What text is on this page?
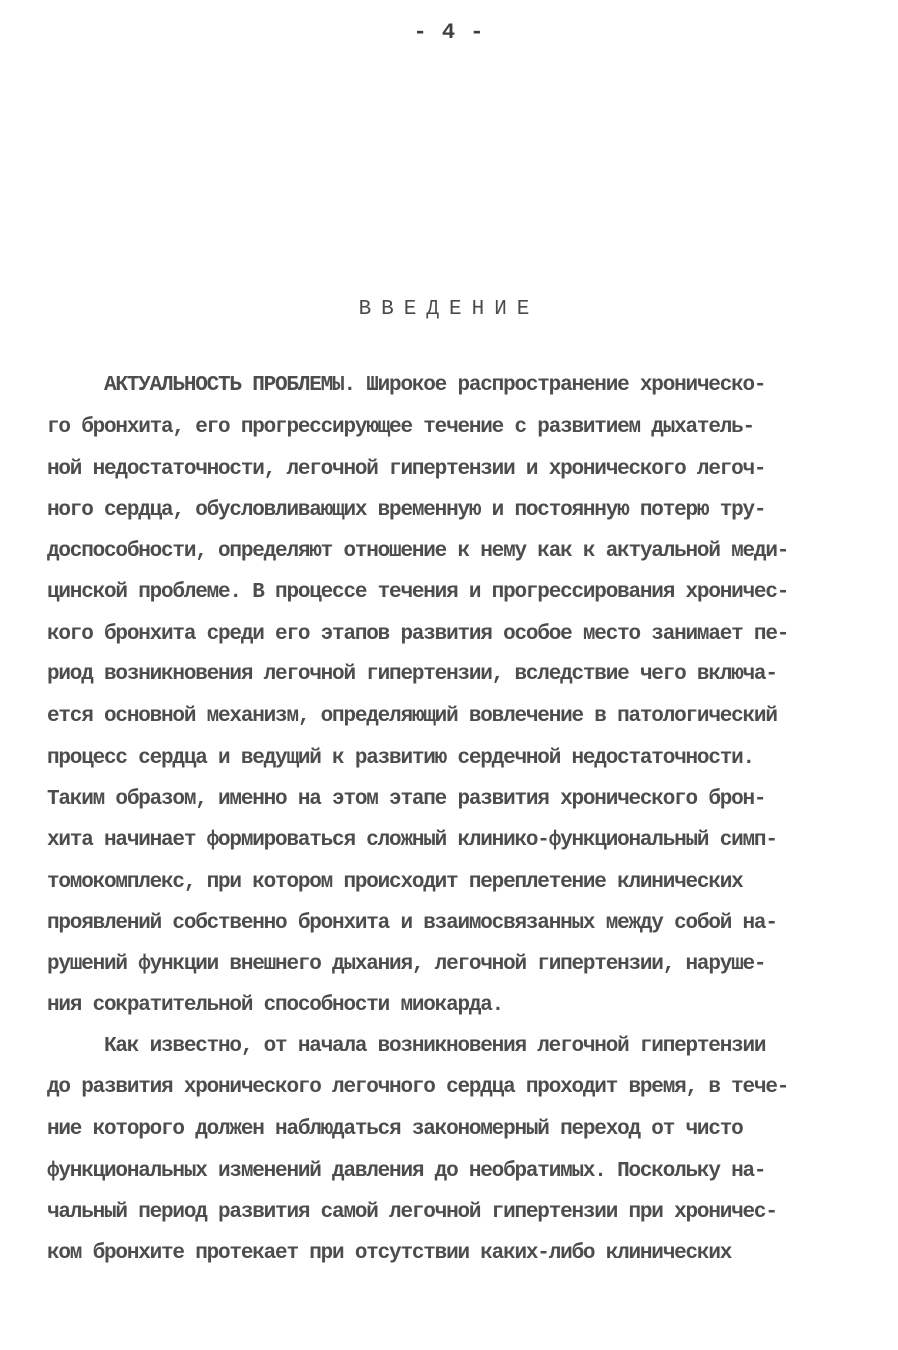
- 4 -
ВВЕДЕНИЕ
АКТУАЛЬНОСТЬ ПРОБЛЕМЫ. Широкое распространение хроническо-
го бронхита, его прогрессирующее течение с развитием дыхатель-
ной недостаточности, легочной гипертензии и хронического легоч-
ного сердца, обусловливающих временную и постоянную потерю тру-
доспособности, определяют отношение к нему как к актуальной меди-
цинской проблеме. В процессе течения и прогрессирования хроничес-
кого бронхита среди его этапов развития особое место занимает пе-
риод возникновения легочной гипертензии, вследствие чего включа-
ется основной механизм, определяющий вовлечение в патологический
процесс сердца и ведущий к развитию сердечной недостаточности.
Таким образом, именно на этом этапе развития хронического брон-
хита начинает формироваться сложный клинико-функциональный симп-
томокомплекс, при котором происходит переплетение клинических
проявлений собственно бронхита и взаимосвязанных между собой на-
рушений функции внешнего дыхания, легочной гипертензии, наруше-
ния сократительной способности миокарда.
Как известно, от начала возникновения легочной гипертензии
до развития хронического легочного сердца проходит время, в тече-
ние которого должен наблюдаться закономерный переход от чисто
функциональных изменений давления до необратимых. Поскольку на-
чальный период развития самой легочной гипертензии при хроничес-
ком бронхите протекает при отсутствии каких-либо клинических
